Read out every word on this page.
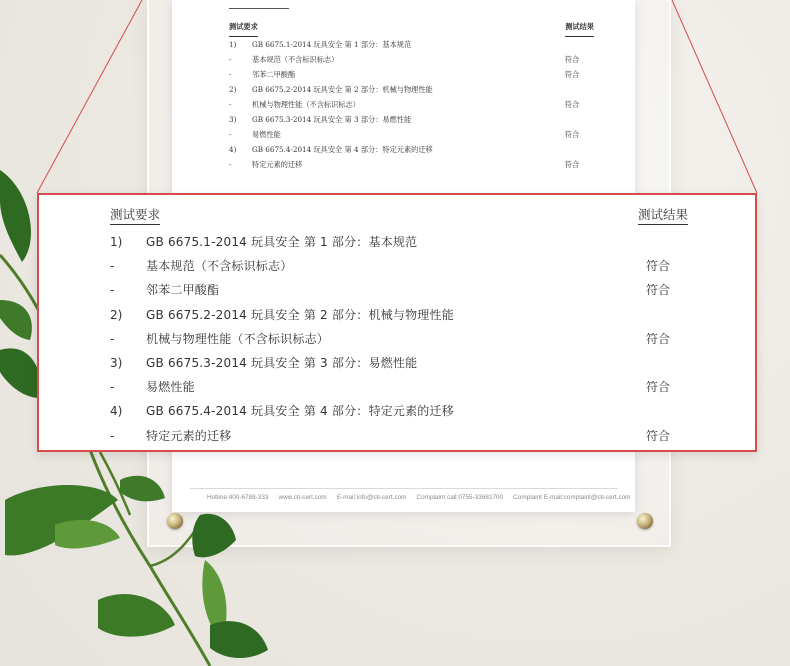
测试要求	测试结果
1)	GB 6675.1-2014 玩具安全 第 1 部分：基本规范
-	基本规范（不含标识标志）	符合
-	邻苯二甲酸酯	符合
2)	GB 6675.2-2014 玩具安全 第 2 部分：机械与物理性能
-	机械与物理性能（不含标识标志）	符合
3)	GB 6675.3-2014 玩具安全 第 3 部分：易燃性能
-	易燃性能	符合
4)	GB 6675.4-2014 玩具安全 第 4 部分：特定元素的迁移
-	特定元素的迁移	符合
Hotline:400-6788-333 www.cti-cert.com E-mail:info@cti-cert.com Complaint call:0755-33681700 Complaint E-mail:complaint@cti-cert.com
测试要求	测试结果
1)	GB 6675.1-2014 玩具安全 第 1 部分：基本规范
-	基本规范（不含标识标志）	符合
-	邻苯二甲酸酯	符合
2)	GB 6675.2-2014 玩具安全 第 2 部分：机械与物理性能
-	机械与物理性能（不含标识标志）	符合
3)	GB 6675.3-2014 玩具安全 第 3 部分：易燃性能
-	易燃性能	符合
4)	GB 6675.4-2014 玩具安全 第 4 部分：特定元素的迁移
-	特定元素的迁移	符合
